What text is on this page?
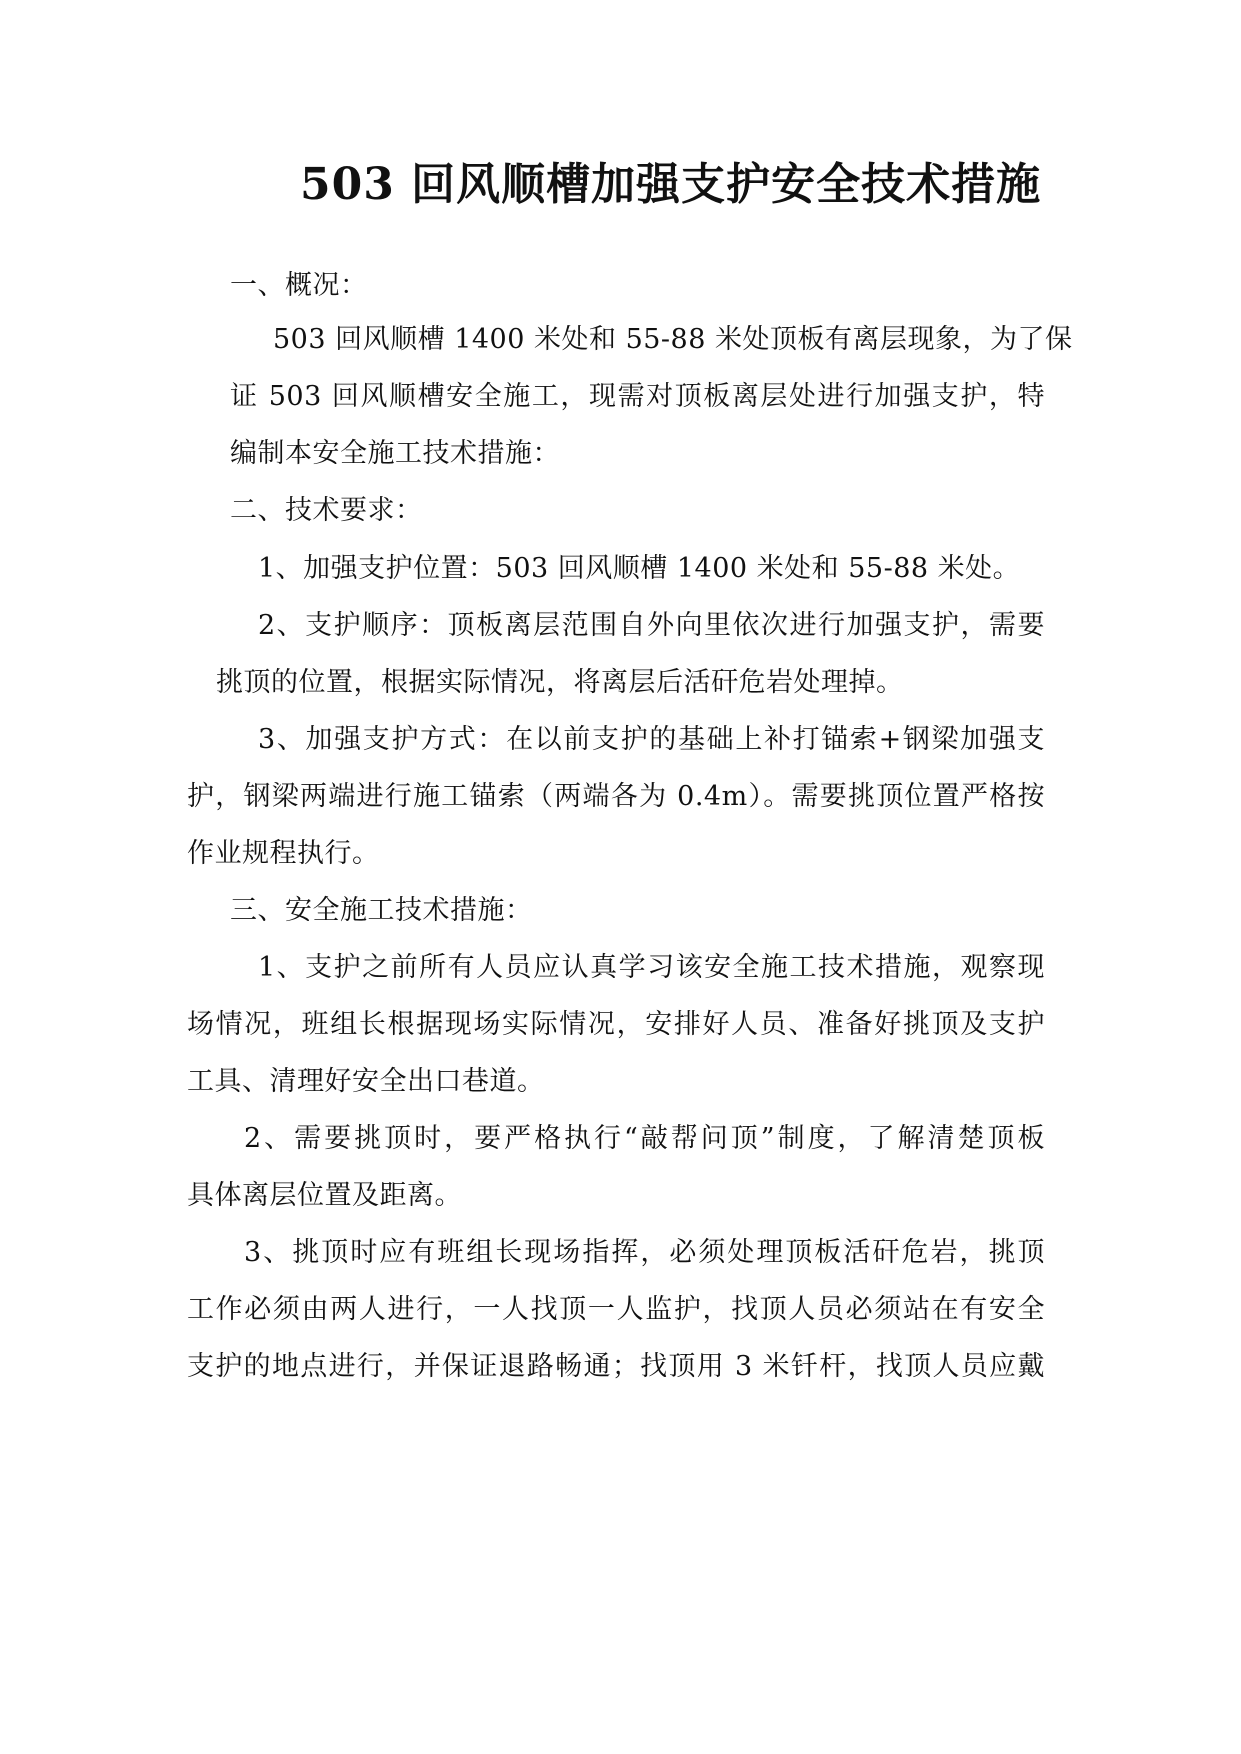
503 回风顺槽加强支护安全技术措施
一、概况：
503 回风顺槽 1400 米处和 55-88 米处顶板有离层现象，为了保
证 503 回风顺槽安全施工，现需对顶板离层处进行加强支护，特
编制本安全施工技术措施：
二、技术要求：
1、加强支护位置：503 回风顺槽 1400 米处和 55-88 米处。
2、支护顺序：顶板离层范围自外向里依次进行加强支护，需要
挑顶的位置，根据实际情况，将离层后活矸危岩处理掉。
3、加强支护方式：在以前支护的基础上补打锚索+钢梁加强支
护，钢梁两端进行施工锚索（两端各为 0.4m）。需要挑顶位置严格按
作业规程执行。
三、安全施工技术措施：
1、支护之前所有人员应认真学习该安全施工技术措施，观察现
场情况，班组长根据现场实际情况，安排好人员、准备好挑顶及支护
工具、清理好安全出口巷道。
2、需要挑顶时，要严格执行“敲帮问顶”制度，了解清楚顶板
具体离层位置及距离。
3、挑顶时应有班组长现场指挥，必须处理顶板活矸危岩，挑顶
工作必须由两人进行，一人找顶一人监护，找顶人员必须站在有安全
支护的地点进行，并保证退路畅通；找顶用 3 米钎杆，找顶人员应戴
